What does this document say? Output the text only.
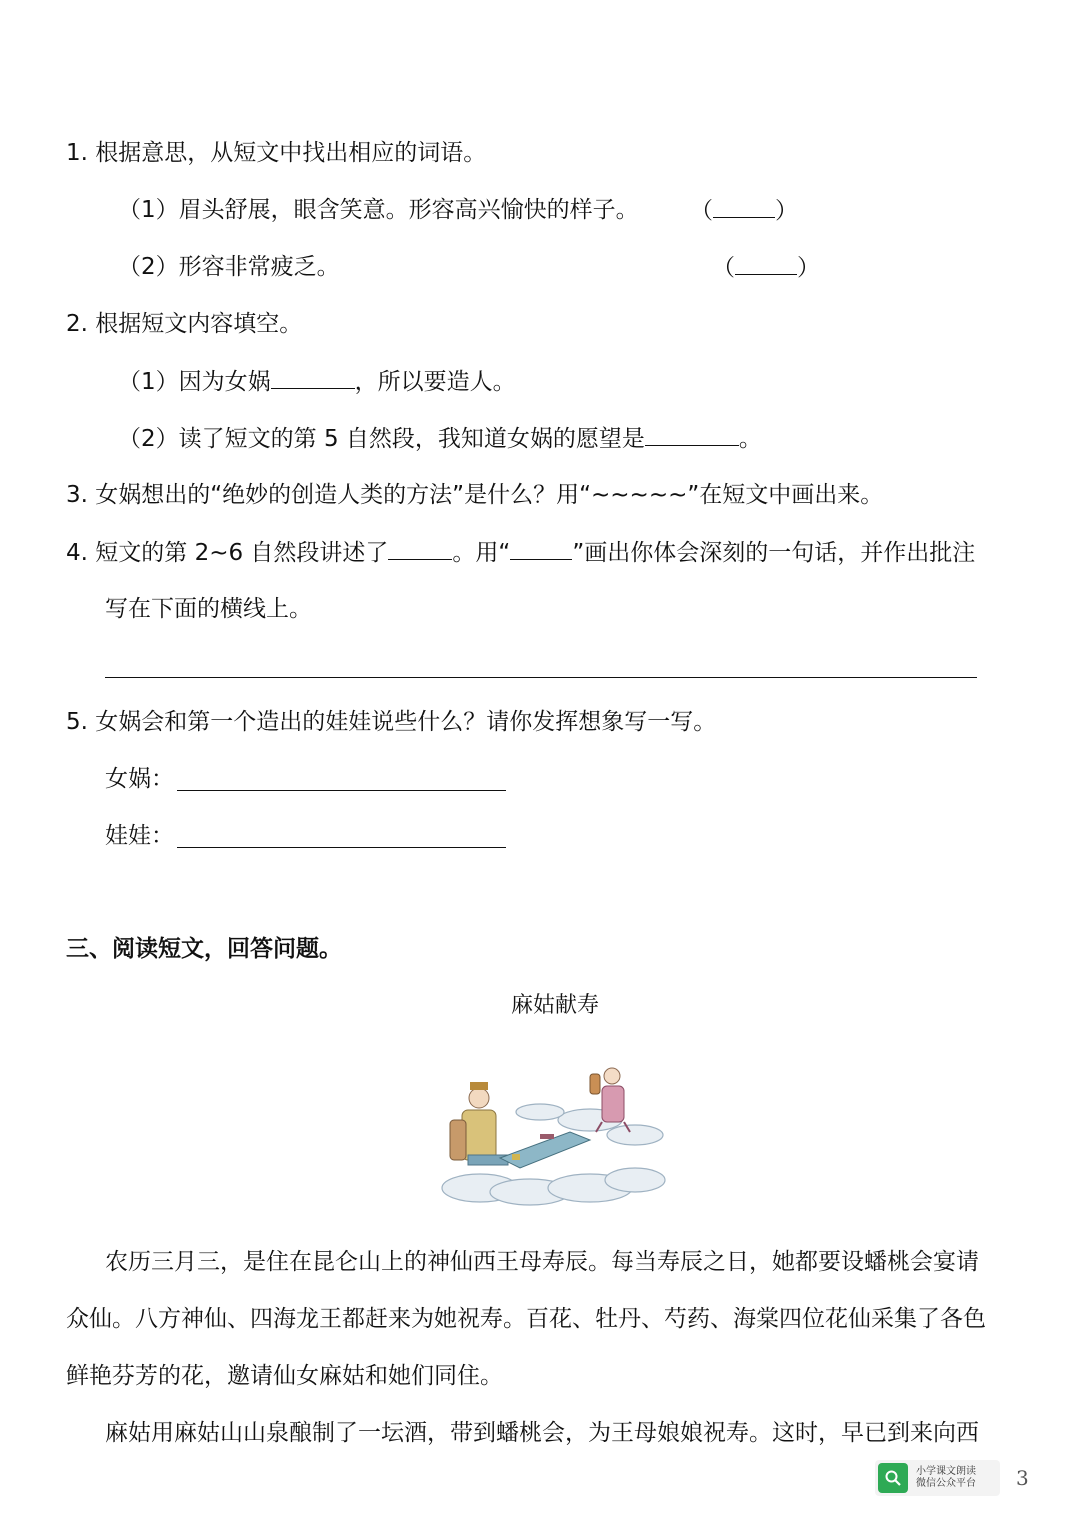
1. 根据意思，从短文中找出相应的词语。
（1）眉头舒展，眼含笑意。形容高兴愉快的样子。 （	）
（2）形容非常疲乏。	（	）
2. 根据短文内容填空。
（1）因为女娲	，所以要造人。
（2）读了短文的第 5 自然段，我知道女娲的愿望是	。
3. 女娲想出的“绝妙的创造人类的方法”是什么？用“~~~~~”在短文中画出来。
4. 短文的第 2~6 自然段讲述了	。用“	”画出你体会深刻的一句话，并作出批注
写在下面的横线上。
5. 女娲会和第一个造出的娃娃说些什么？请你发挥想象写一写。
女娲：
娃娃：
三、阅读短文，回答问题。
麻姑献寿
农历三月三，是住在昆仑山上的神仙西王母寿辰。每当寿辰之日，她都要设蟠桃会宴请
众仙。八方神仙、四海龙王都赶来为她祝寿。百花、牡丹、芍药、海棠四位花仙采集了各色
鲜艳芬芳的花，邀请仙女麻姑和她们同住。
麻姑用麻姑山山泉酿制了一坛酒，带到蟠桃会，为王母娘娘祝寿。这时，早已到来向西
小学课文朗读
微信公众平台 3
